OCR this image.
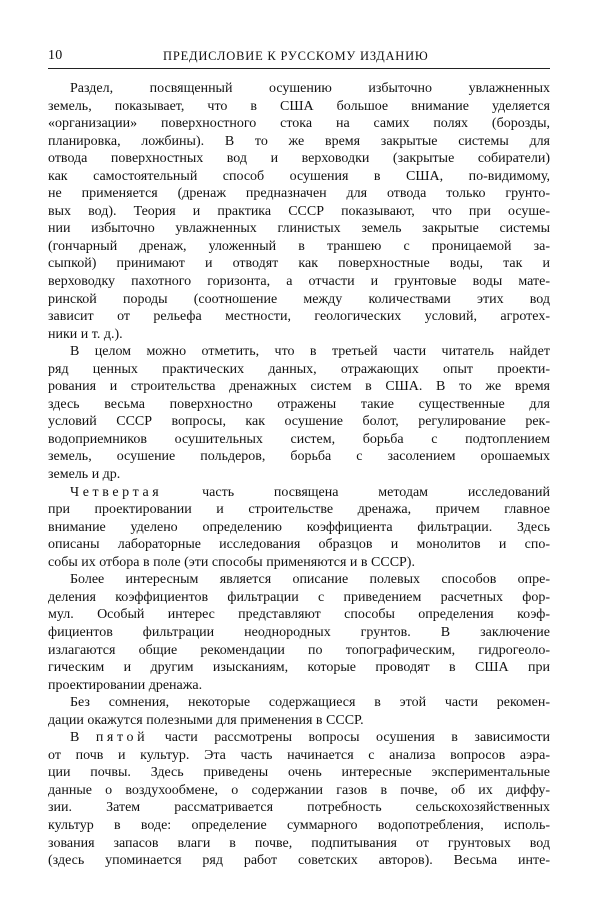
10	ПРЕДИСЛОВИЕ К РУССКОМУ ИЗДАНИЮ
Раздел, посвященный осушению избыточно увлажненных
земель, показывает, что в США большое внимание уделяется
«организации» поверхностного стока на самих полях (борозды,
планировка, ложбины). В то же время закрытые системы для
отвода поверхностных вод и верховодки (закрытые собиратели)
как самостоятельный способ осушения в США, по-видимому,
не применяется (дренаж предназначен для отвода только грунто-
вых вод). Теория и практика СССР показывают, что при осуше-
нии избыточно увлажненных глинистых земель закрытые системы
(гончарный дренаж, уложенный в траншею с проницаемой за-
сыпкой) принимают и отводят как поверхностные воды, так и
верховодку пахотного горизонта, а отчасти и грунтовые воды мате-
ринской породы (соотношение между количествами этих вод
зависит от рельефа местности, геологических условий, агротех-
ники и т. д.).
В целом можно отметить, что в третьей части читатель найдет
ряд ценных практических данных, отражающих опыт проекти-
рования и строительства дренажных систем в США. В то же время
здесь весьма поверхностно отражены такие существенные для
условий СССР вопросы, как осушение болот, регулирование рек-
водоприемников осушительных систем, борьба с подтоплением
земель, осушение польдеров, борьба с засолением орошаемых
земель и др.
Четвертая часть посвящена методам исследований
при проектировании и строительстве дренажа, причем главное
внимание уделено определению коэффициента фильтрации. Здесь
описаны лабораторные исследования образцов и монолитов и спо-
собы их отбора в поле (эти способы применяются и в СССР).
Более интересным является описание полевых способов опре-
деления коэффициентов фильтрации с приведением расчетных фор-
мул. Особый интерес представляют способы определения коэф-
фициентов фильтрации неоднородных грунтов. В заключение
излагаются общие рекомендации по топографическим, гидрогеоло-
гическим и другим изысканиям, которые проводят в США при
проектировании дренажа.
Без сомнения, некоторые содержащиеся в этой части рекомен-
дации окажутся полезными для применения в СССР.
В пятой части рассмотрены вопросы осушения в зависимости
от почв и культур. Эта часть начинается с анализа вопросов аэра-
ции почвы. Здесь приведены очень интересные экспериментальные
данные о воздухообмене, о содержании газов в почве, об их диффу-
зии. Затем рассматривается потребность сельскохозяйственных
культур в воде: определение суммарного водопотребления, исполь-
зования запасов влаги в почве, подпитывания от грунтовых вод
(здесь упоминается ряд работ советских авторов). Весьма инте-
